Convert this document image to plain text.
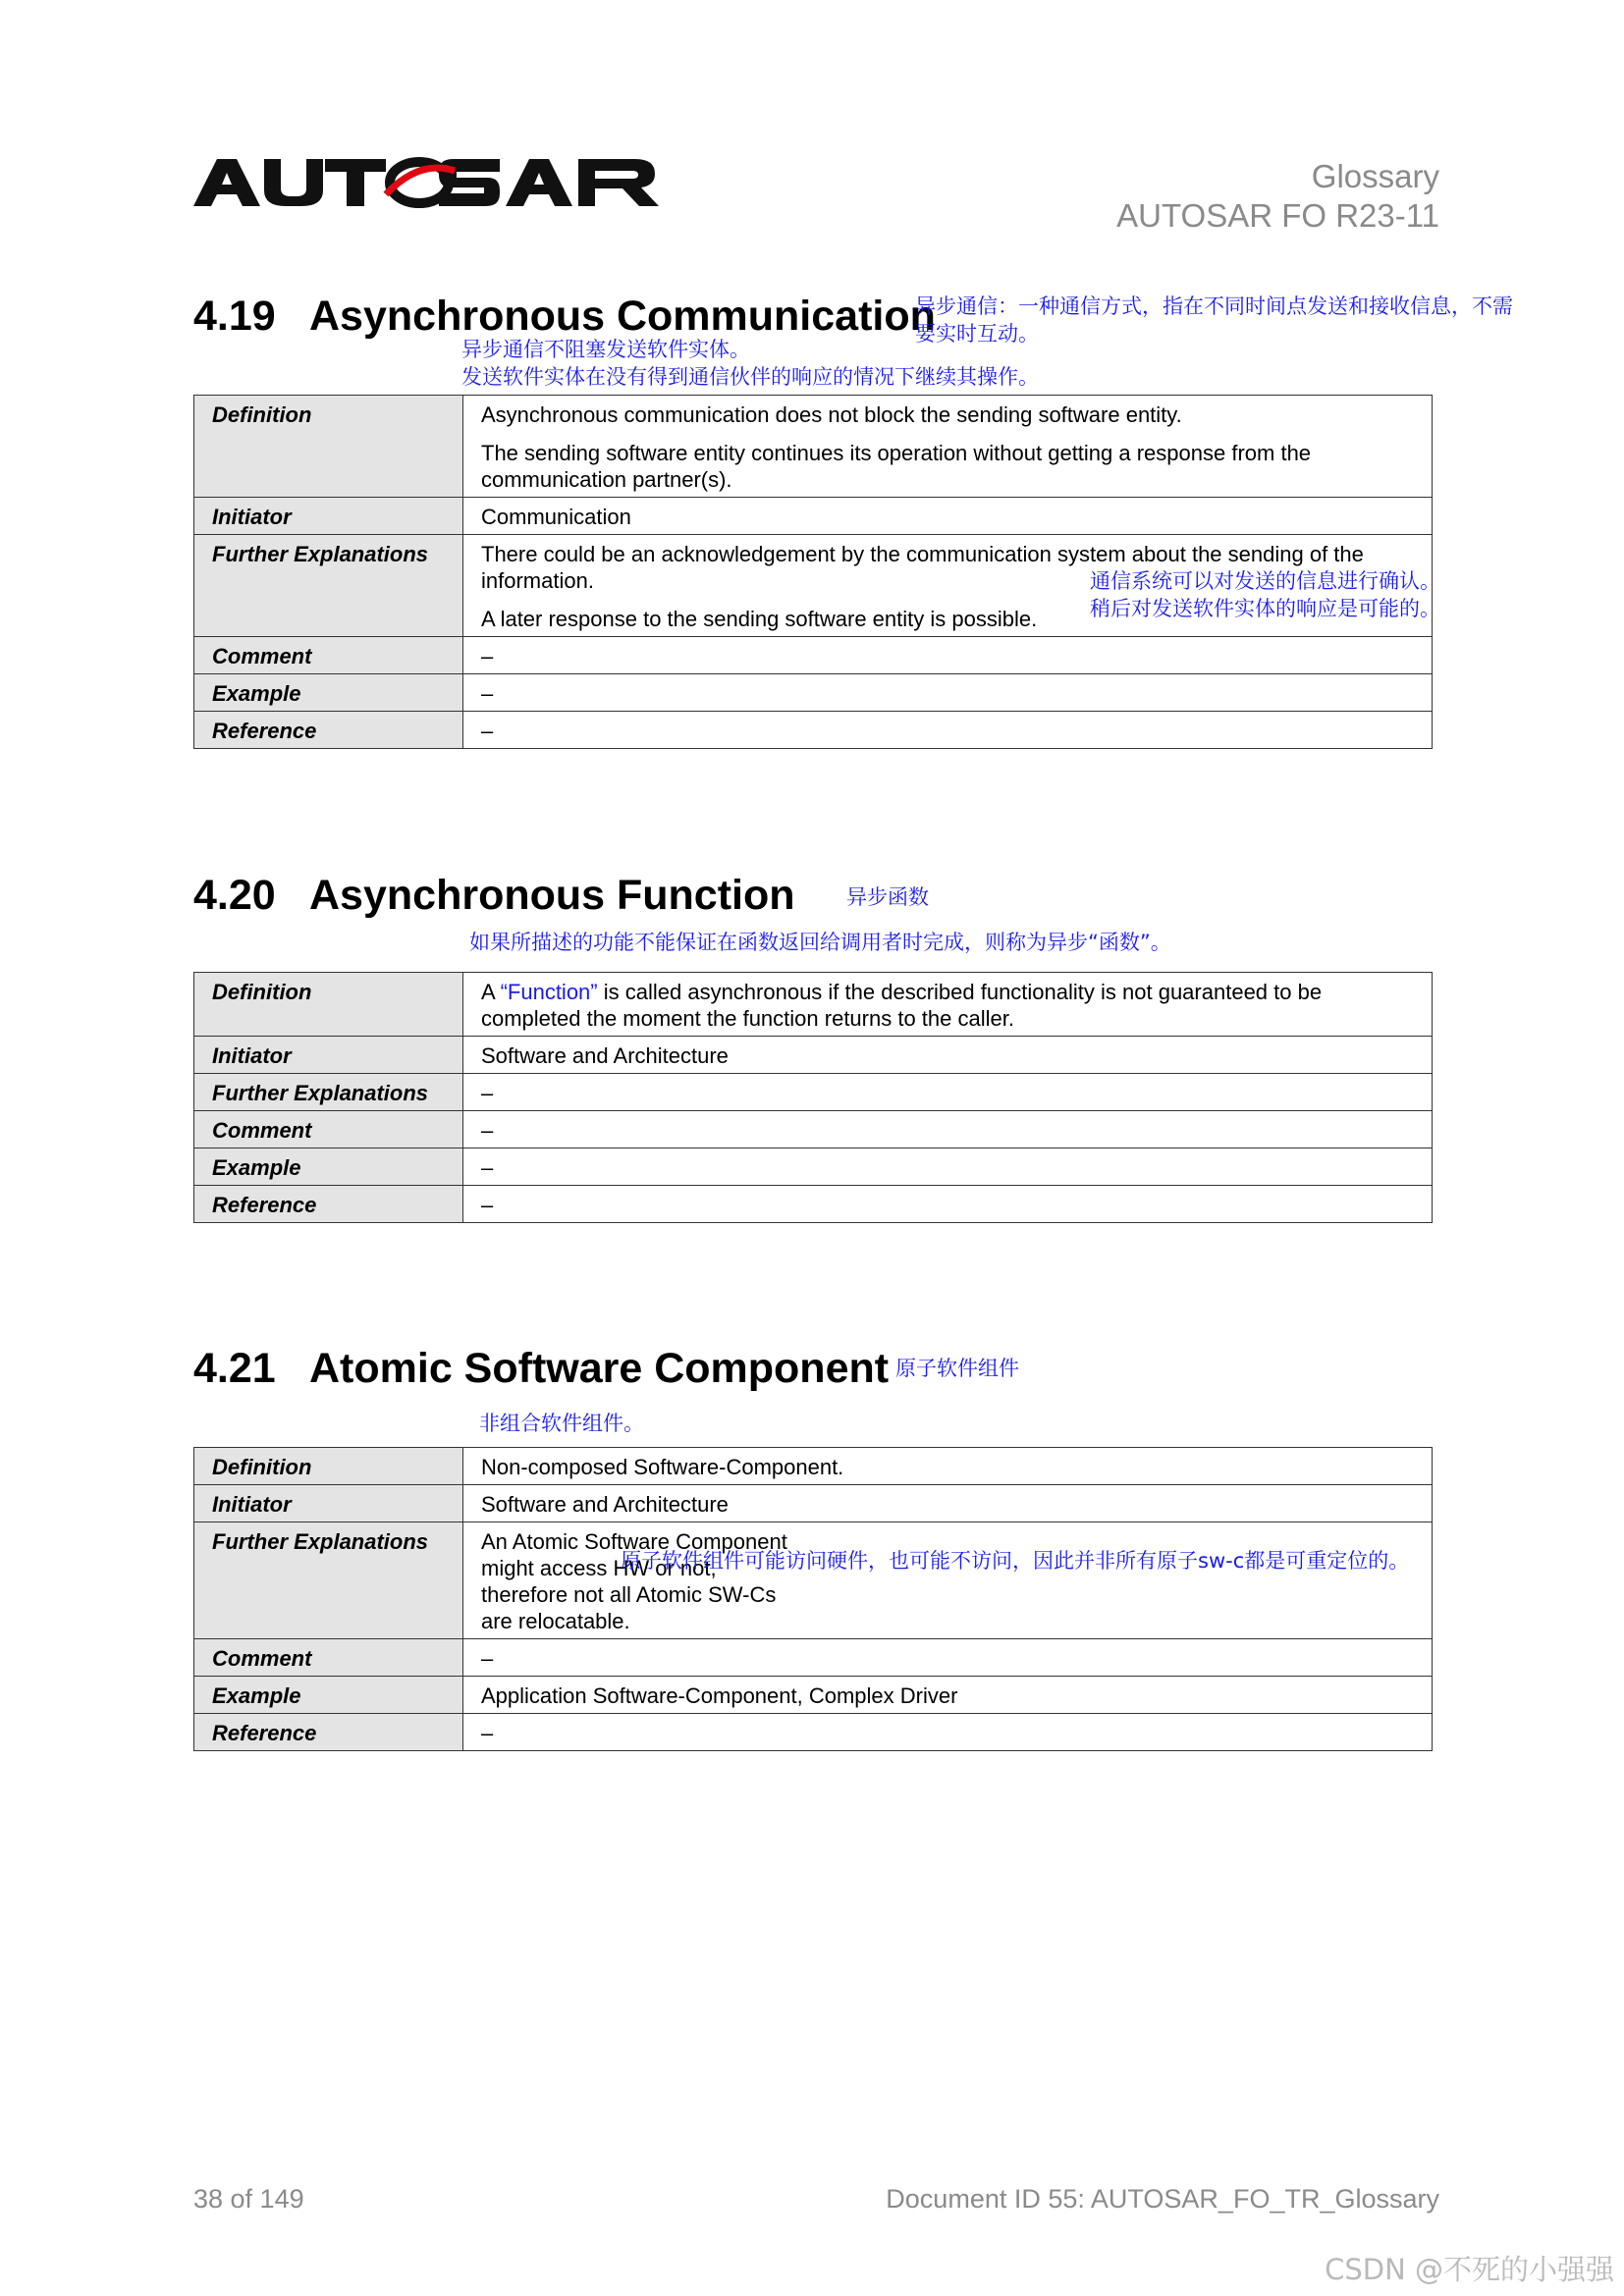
Glossary
AUTOSAR FO R23-11
4.19 Asynchronous Communication
异步通信：一种通信方式，指在不同时间点发送和接收信息，不需
要实时互动。
异步通信不阻塞发送软件实体。
发送软件实体在没有得到通信伙伴的响应的情况下继续其操作。
Definition	Asynchronous communication does not block the sending software entity.

The sending software entity continues its operation without getting a response from the communication partner(s).

Initiator	Communication
Further Explanations	There could be an acknowledgement by the communication system about the sending of the information.

A later response to the sending software entity is possible.

Comment	–
Example	–
Reference	–
通信系统可以对发送的信息进行确认。
稍后对发送软件实体的响应是可能的。
4.20 Asynchronous Function	异步函数
如果所描述的功能不能保证在函数返回给调用者时完成，则称为异步“函数”。
Definition	A “Function” is called asynchronous if the described functionality is not guaranteed to be completed the moment the function returns to the caller.
Initiator	Software and Architecture
Further Explanations	–
Comment	–
Example	–
Reference	–
4.21 Atomic Software Component 原子软件组件
非组合软件组件。
Definition	Non-composed Software-Component.
Initiator	Software and Architecture
Further Explanations	An Atomic Software Component might access HW or not, therefore not all Atomic SW-Cs are relocatable.
Comment	–
Example	Application Software-Component, Complex Driver
Reference	–
原子软件组件可能访问硬件，也可能不访问，因此并非所有原子sw-c都是可重定位的。
38 of 149	Document ID 55: AUTOSAR_FO_TR_Glossary
CSDN @不死的小强强
